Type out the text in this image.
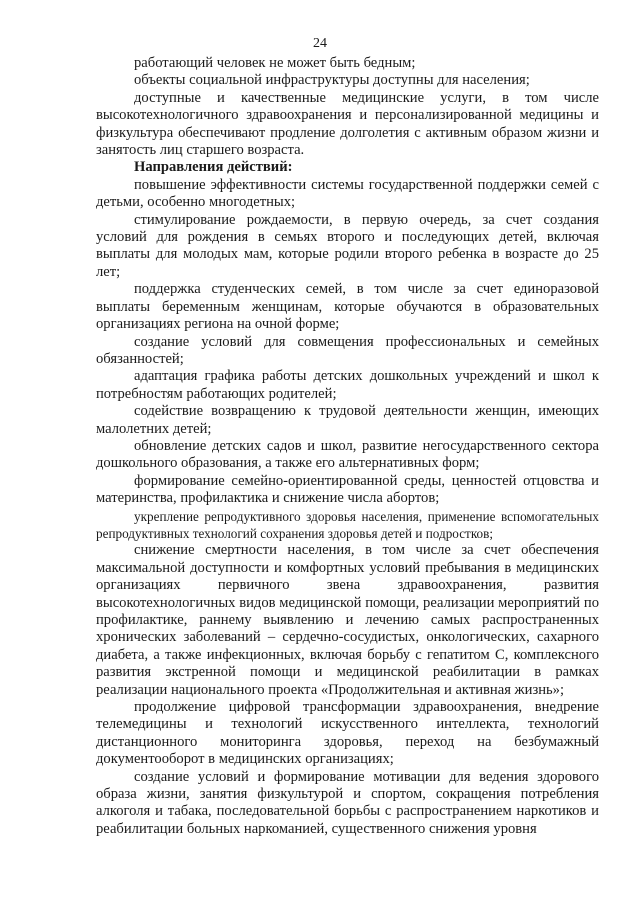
24

работающий человек не может быть бедным;

объекты социальной инфраструктуры доступны для населения;

доступные и качественные медицинские услуги, в том числе высокотехнологичного здравоохранения и персонализированной медицины и физкультура обеспечивают продление долголетия с активным образом жизни и занятость лиц старшего возраста.

Направления действий:

повышение эффективности системы государственной поддержки семей с детьми, особенно многодетных;

стимулирование рождаемости, в первую очередь, за счет создания условий для рождения в семьях второго и последующих детей, включая выплаты для молодых мам, которые родили второго ребенка в возрасте до 25 лет;

поддержка студенческих семей, в том числе за счет единоразовой выплаты беременным женщинам, которые обучаются в образовательных организациях региона на очной форме;

создание условий для совмещения профессиональных и семейных обязанностей;

адаптация графика работы детских дошкольных учреждений и школ к потребностям работающих родителей;

содействие возвращению к трудовой деятельности женщин, имеющих малолетних детей;

обновление детских садов и школ, развитие негосударственного сектора дошкольного образования, а также его альтернативных форм;

формирование семейно-ориентированной среды, ценностей отцовства и материнства, профилактика и снижение числа абортов;

укрепление репродуктивного здоровья населения, применение вспомогательных репродуктивных технологий сохранения здоровья детей и подростков;

снижение смертности населения, в том числе за счет обеспечения максимальной доступности и комфортных условий пребывания в медицинских организациях первичного звена здравоохранения, развития высокотехнологичных видов медицинской помощи, реализации мероприятий по профилактике, раннему выявлению и лечению самых распространенных хронических заболеваний – сердечно-сосудистых, онкологических, сахарного диабета, а также инфекционных, включая борьбу с гепатитом С, комплексного развития экстренной помощи и медицинской реабилитации в рамках реализации национального проекта «Продолжительная и активная жизнь»;

продолжение цифровой трансформации здравоохранения, внедрение телемедицины и технологий искусственного интеллекта, технологий дистанционного мониторинга здоровья, переход на безбумажный документооборот в медицинских организациях;

создание условий и формирование мотивации для ведения здорового образа жизни, занятия физкультурой и спортом, сокращения потребления алкоголя и табака, последовательной борьбы с распространением наркотиков и реабилитации больных наркоманией, существенного снижения уровня
